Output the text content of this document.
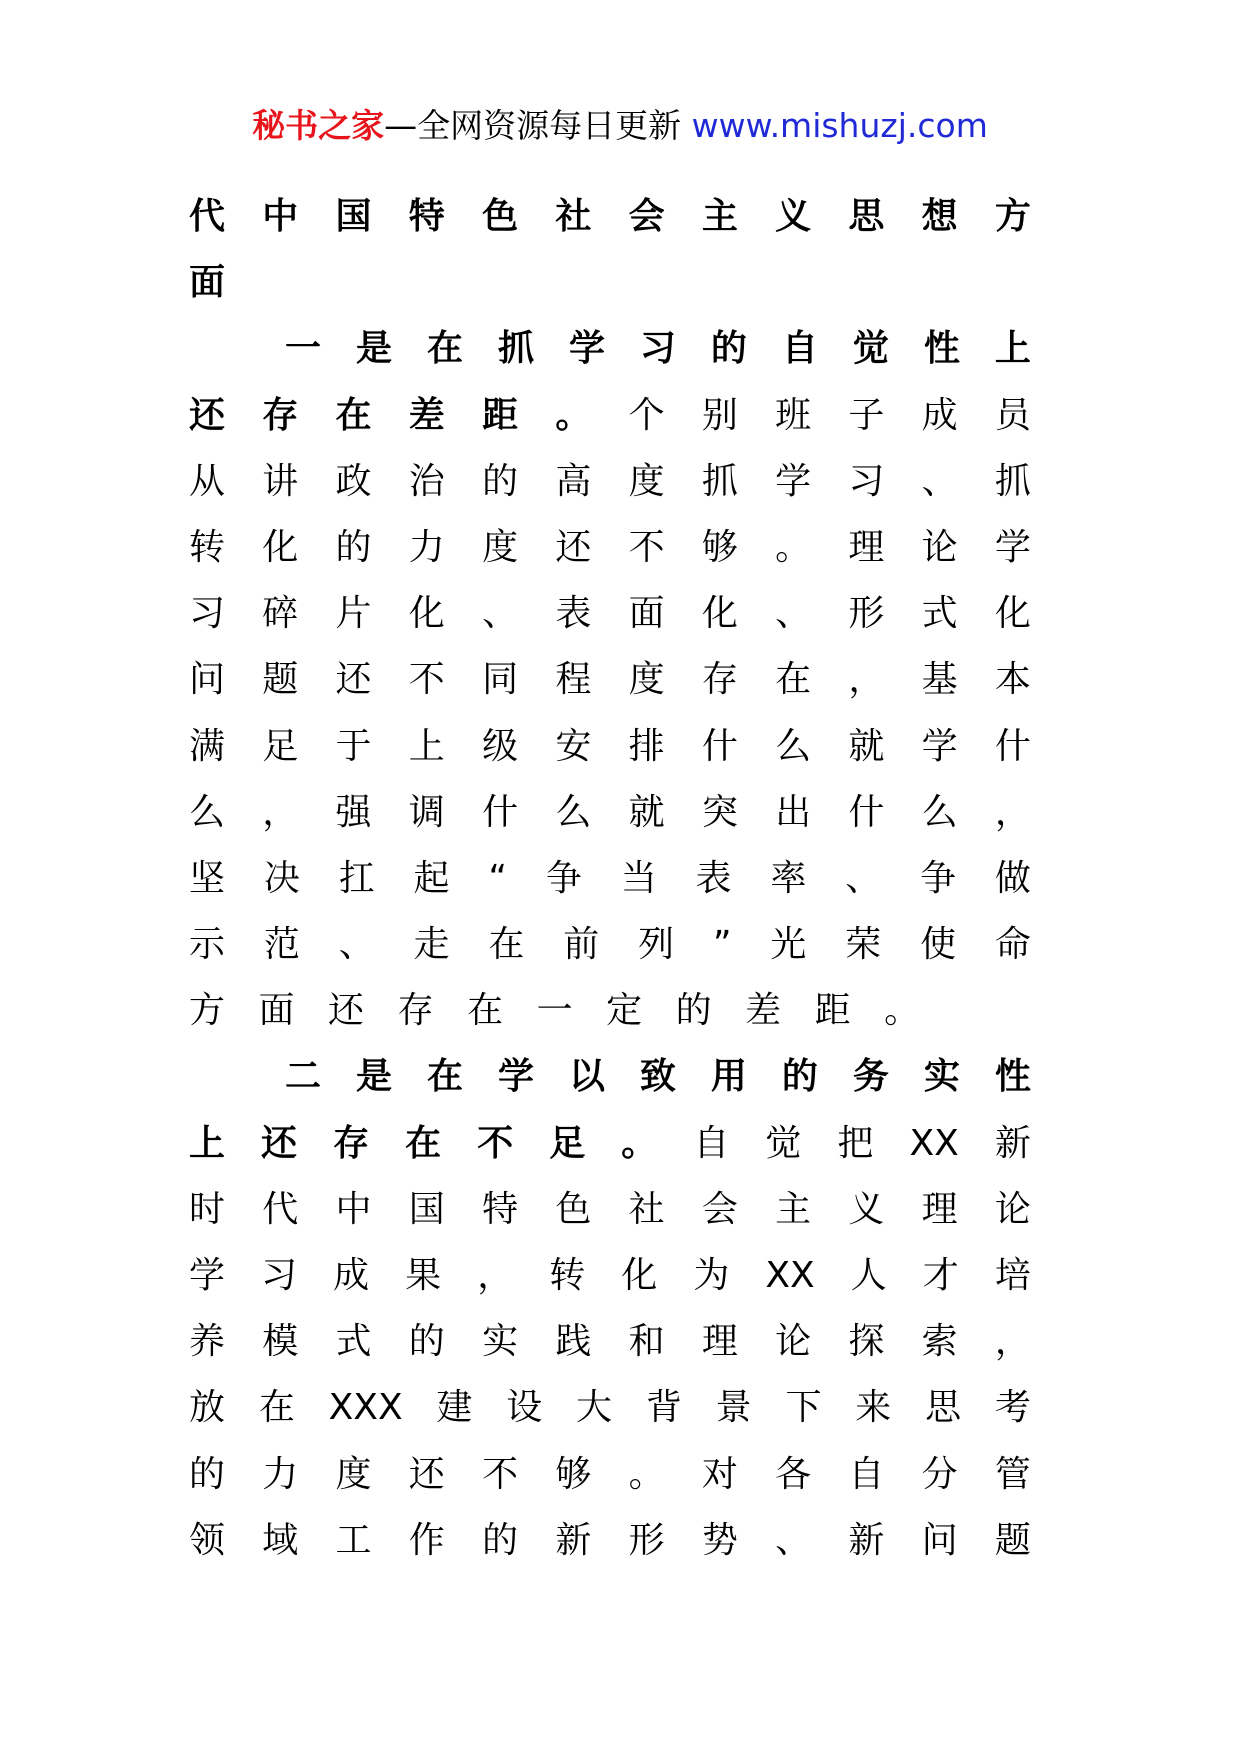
秘书之家—全网资源每日更新 www.mishuzj.com
代 中 国 特 色 社 会 主 义 思 想 方
面
一 是 在 抓 学 习 的 自 觉 性 上
还 存 在 差 距 。 个 别 班 子 成 员
从 讲 政 治 的 高 度 抓 学 习 、 抓
转 化 的 力 度 还 不 够 。 理 论 学
习 碎 片 化 、 表 面 化 、 形 式 化
问 题 还 不 同 程 度 存 在 ， 基 本
满 足 于 上 级 安 排 什 么 就 学 什
么 ， 强 调 什 么 就 突 出 什 么 ，
坚 决 扛 起 “ 争 当 表 率 、 争 做
示 范 、 走 在 前 列 ” 光 荣 使 命
方 面 还 存 在 一 定 的 差 距 。
二 是 在 学 以 致 用 的 务 实 性
上 还 存 在 不 足 。 自 觉 把 XX 新
时 代 中 国 特 色 社 会 主 义 理 论
学 习 成 果 ， 转 化 为 XX 人 才 培
养 模 式 的 实 践 和 理 论 探 索 ，
放 在 XXX 建 设 大 背 景 下 来 思 考
的 力 度 还 不 够 。 对 各 自 分 管
领 域 工 作 的 新 形 势 、 新 问 题
